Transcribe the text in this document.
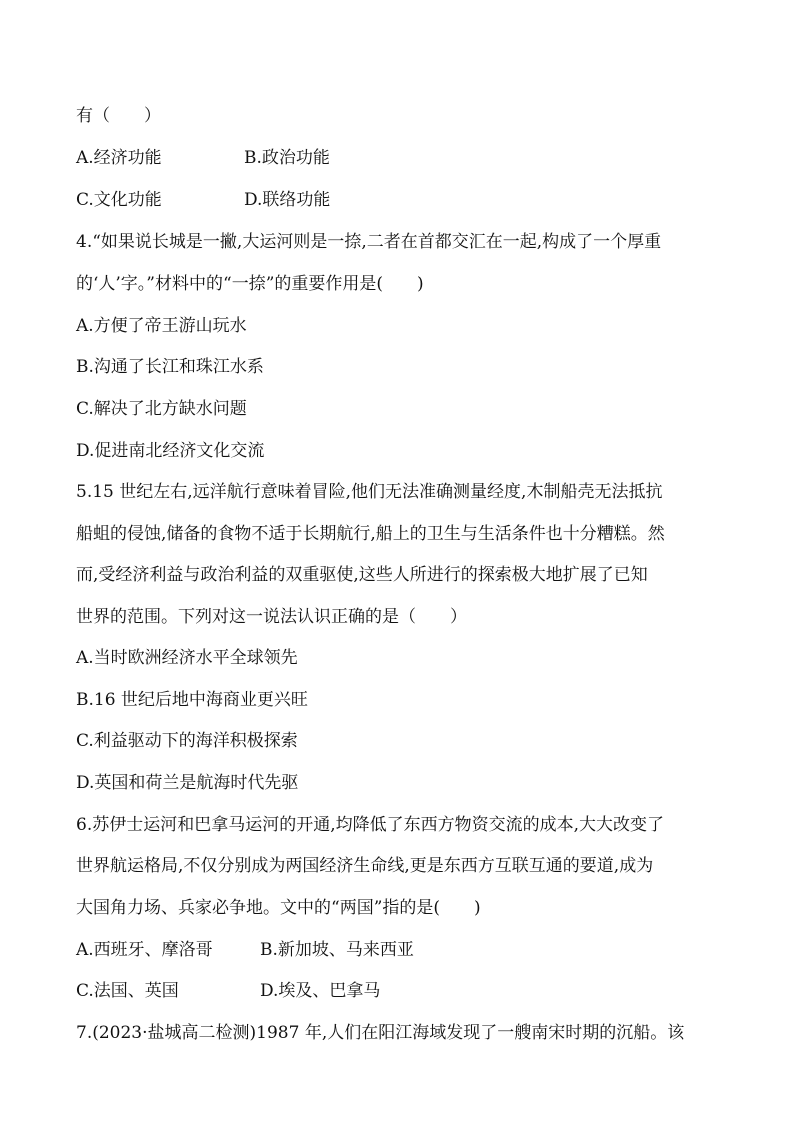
有（　　）
A.经济功能	B.政治功能
C.文化功能	D.联络功能
4.“如果说长城是一撇,大运河则是一捺,二者在首都交汇在一起,构成了一个厚重
的‘人’字。”材料中的“一捺”的重要作用是(　　)
A.方便了帝王游山玩水
B.沟通了长江和珠江水系
C.解决了北方缺水问题
D.促进南北经济文化交流
5.15 世纪左右,远洋航行意味着冒险,他们无法准确测量经度,木制船壳无法抵抗
船蛆的侵蚀,储备的食物不适于长期航行,船上的卫生与生活条件也十分糟糕。然
而,受经济利益与政治利益的双重驱使,这些人所进行的探索极大地扩展了已知
世界的范围。下列对这一说法认识正确的是（　　）
A.当时欧洲经济水平全球领先
B.16 世纪后地中海商业更兴旺
C.利益驱动下的海洋积极探索
D.英国和荷兰是航海时代先驱
6.苏伊士运河和巴拿马运河的开通,均降低了东西方物资交流的成本,大大改变了
世界航运格局,不仅分别成为两国经济生命线,更是东西方互联互通的要道,成为
大国角力场、兵家必争地。文中的“两国”指的是(　　)
A.西班牙、摩洛哥	B.新加坡、马来西亚
C.法国、英国	D.埃及、巴拿马
7.(2023·盐城高二检测)1987 年,人们在阳江海域发现了一艘南宋时期的沉船。该
